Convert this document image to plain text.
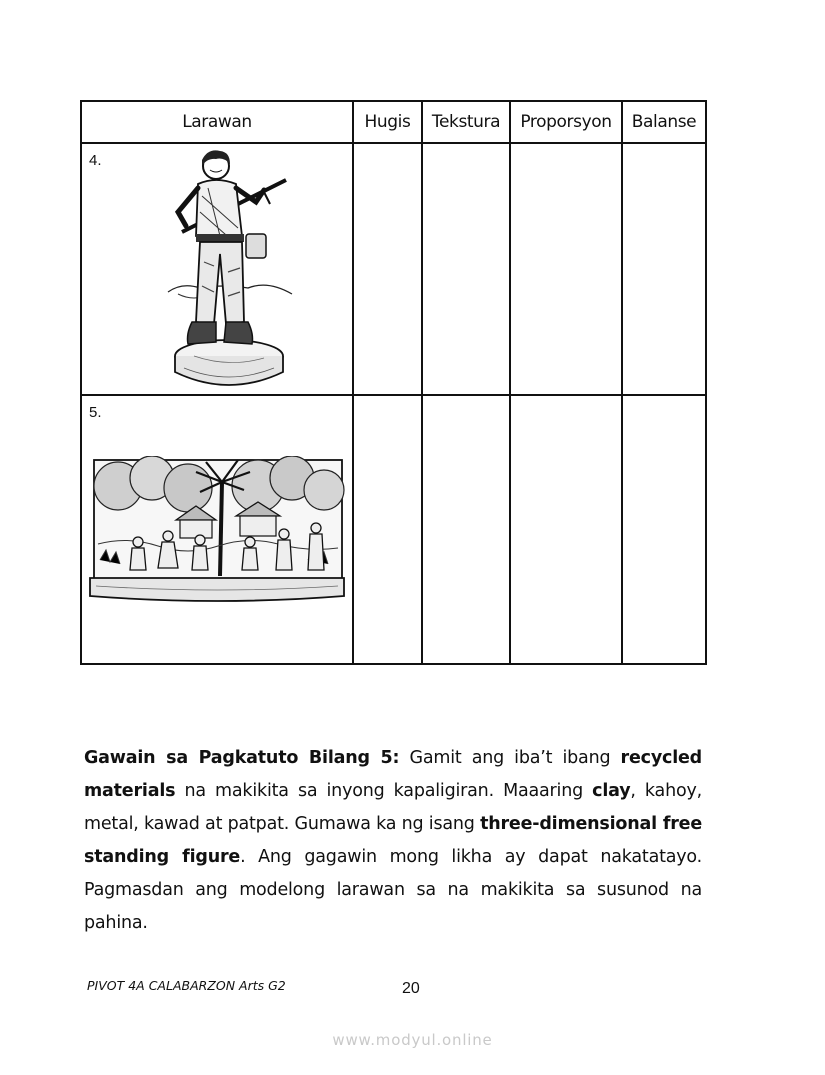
Larawan	Hugis	Tekstura	Proporsyon	Balanse

4.				

5.				

Gawain sa Pagkatuto Bilang 5: Gamit ang iba’t ibang recycled materials na makikita sa inyong kapaligiran. Maaaring clay, kahoy, metal, kawad at patpat. Gumawa ka ng isang three-dimensional free standing figure. Ang gagawin mong likha ay dapat nakatatayo. Pagmasdan ang modelong larawan sa na makikita sa susunod na pahina.

PIVOT 4A CALABARZON Arts G2	20
www.modyul.online
